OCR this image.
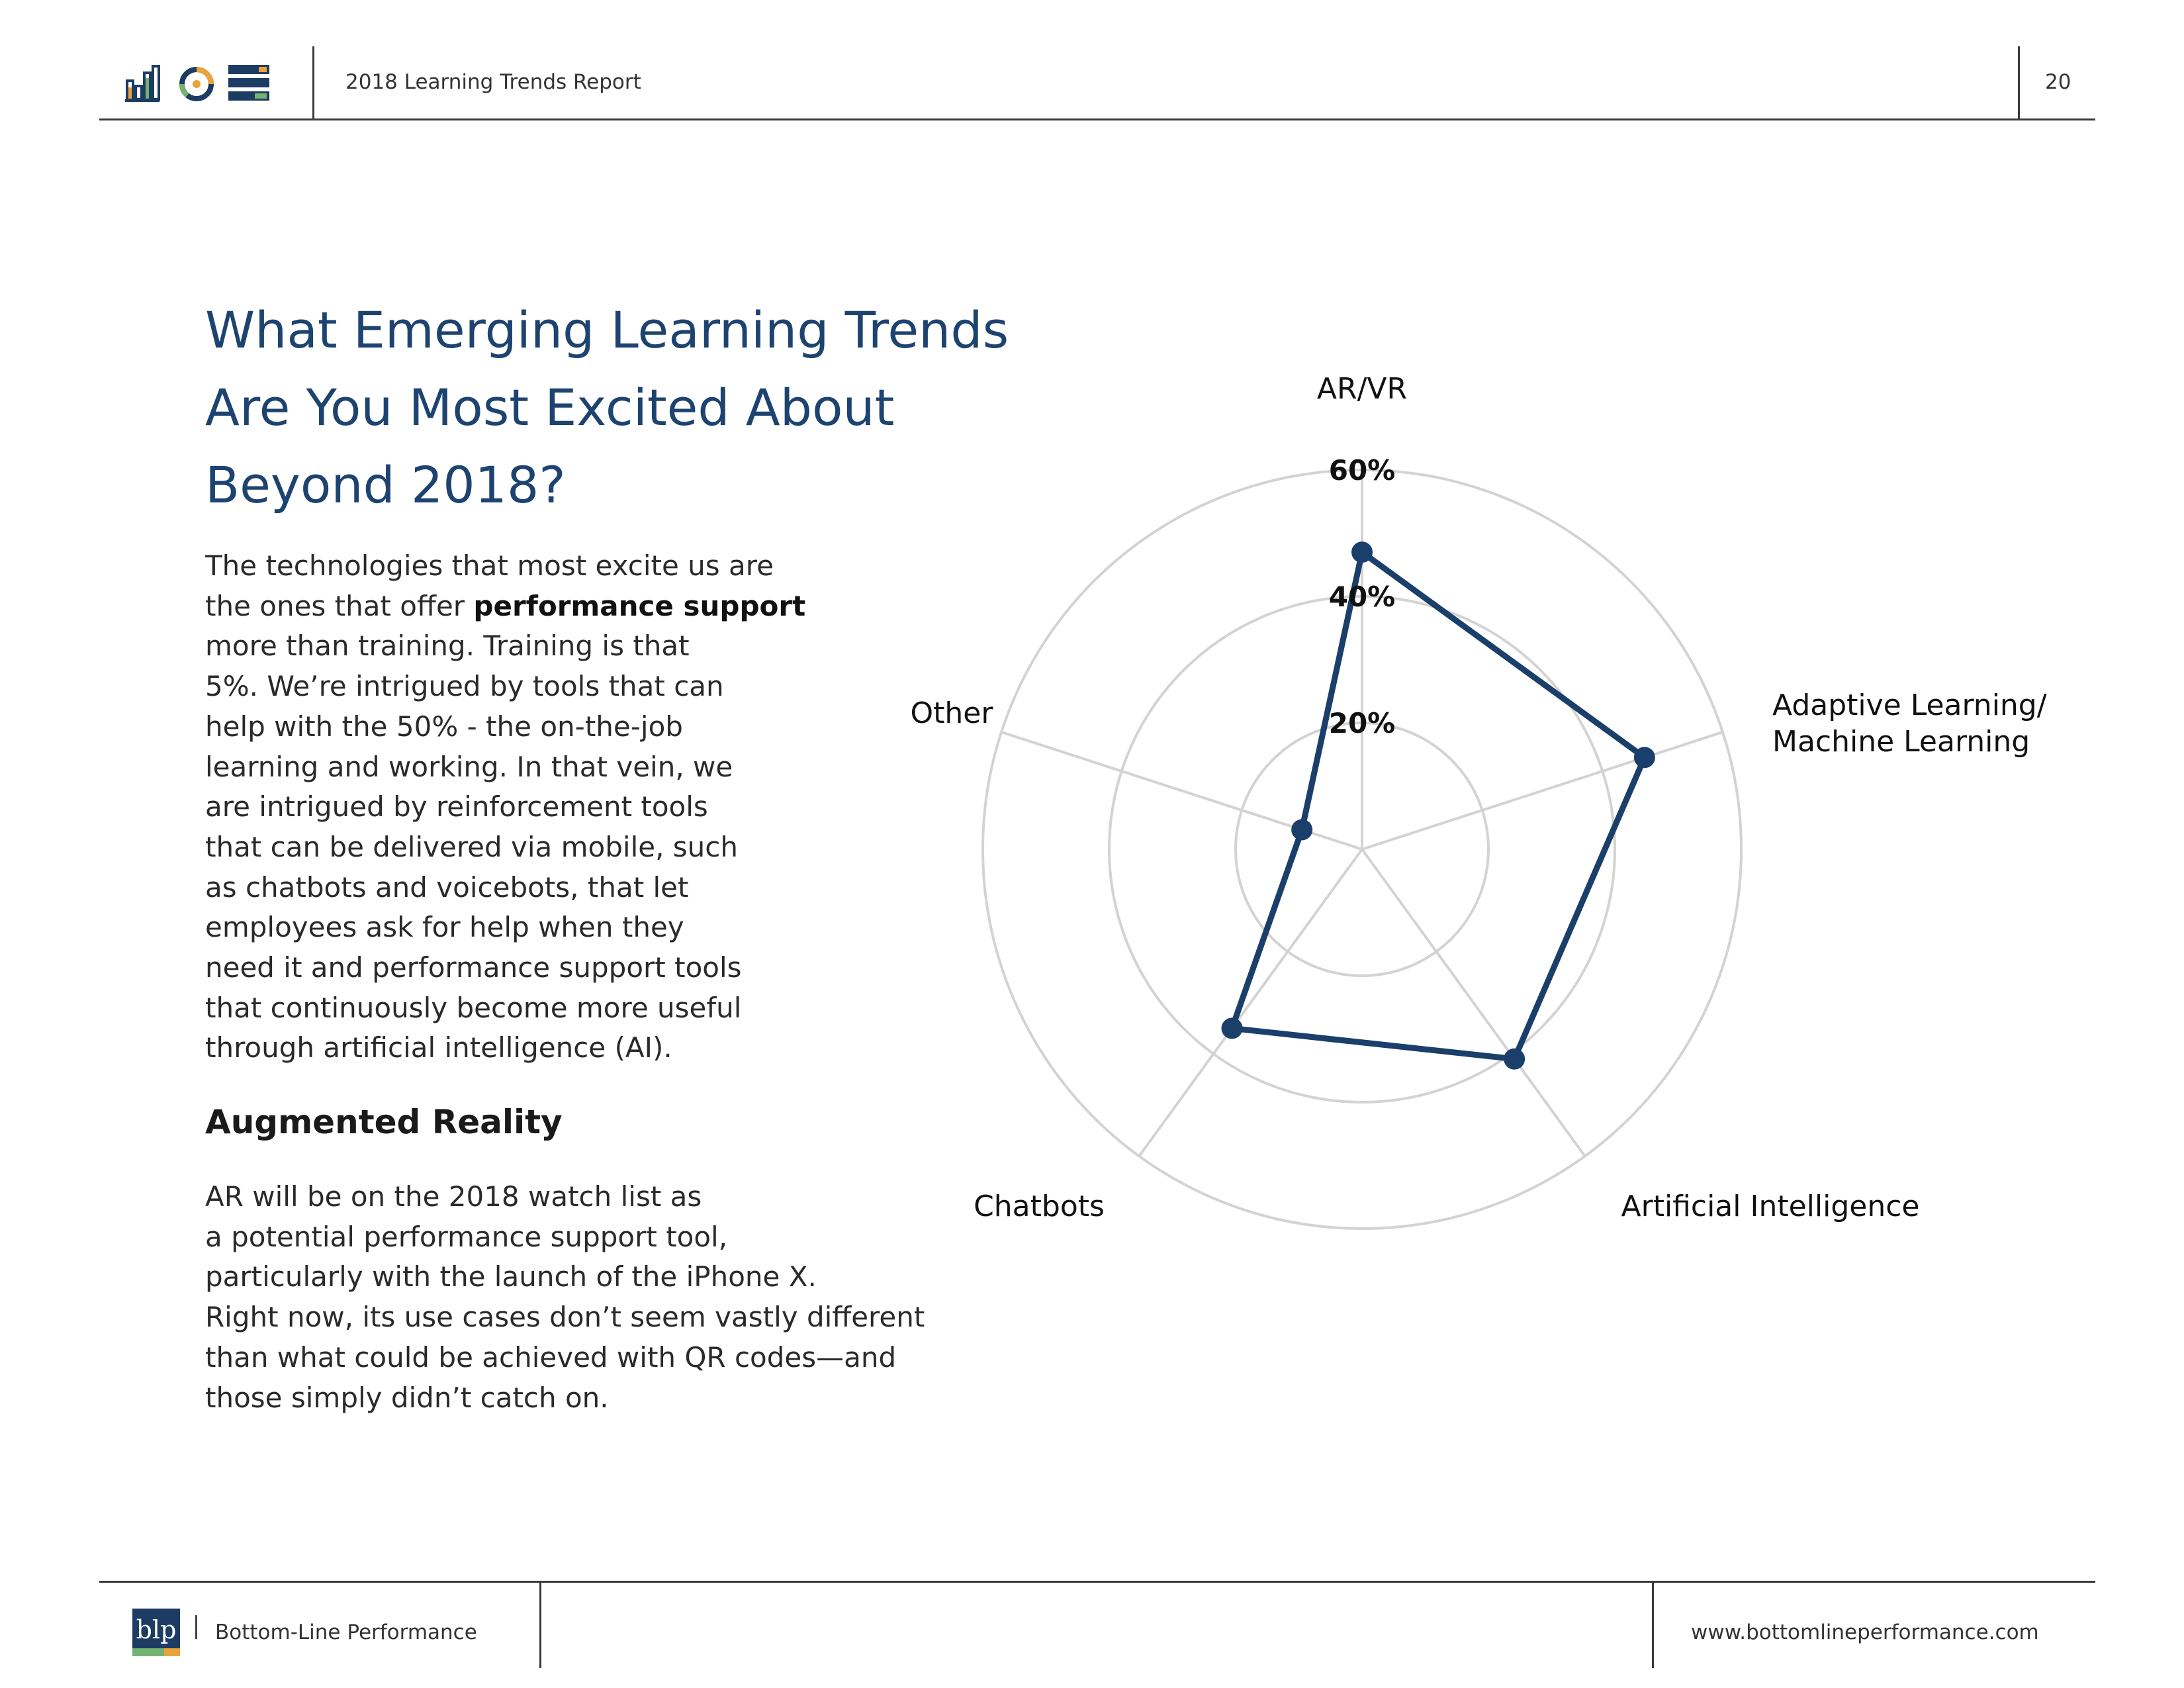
2018 Learning Trends Report	20
What Emerging Learning Trends
Are You Most Excited About
Beyond 2018?

The technologies that most excite us are
the ones that offer performance support
more than training. Training is that
5%. We’re intrigued by tools that can
help with the 50% - the on-the-job
learning and working. In that vein, we
are intrigued by reinforcement tools
that can be delivered via mobile, such
as chatbots and voicebots, that let
employees ask for help when they
need it and performance support tools
that continuously become more useful
through artificial intelligence (AI).

Augmented Reality

AR will be on the 2018 watch list as
a potential performance support tool,
particularly with the launch of the iPhone X.
Right now, its use cases don’t seem vastly different
than what could be achieved with QR codes—and
those simply didn’t catch on.

20%
40%
60%
AR/VR
Adaptive Learning/ Machine Learning
Artificial Intelligence
Chatbots
Other
blp Bottom-Line Performance	www.bottomlineperformance.com
